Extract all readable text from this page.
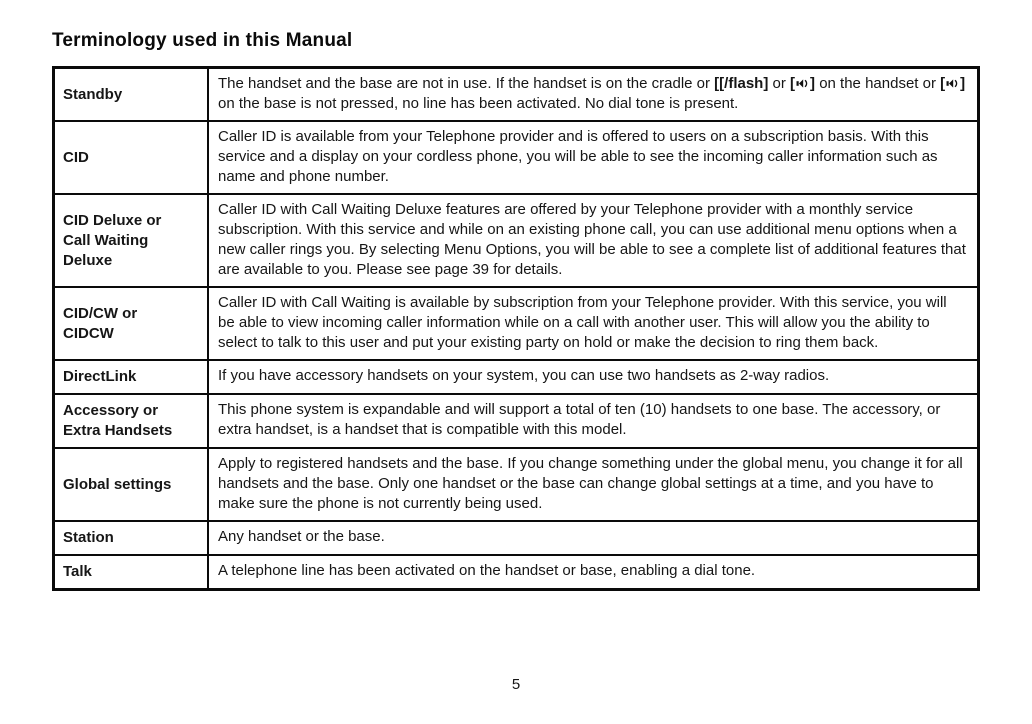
Terminology used in this Manual
Standby	The handset and the base are not in use. If the handset is on the cradle or [[/flash] or [ ] on the handset or [ ] on the base is not pressed, no line has been activated. No dial tone is present.
CID	Caller ID is available from your Telephone provider and is offered to users on a subscription basis. With this service and a display on your cordless phone, you will be able to see the incoming caller information such as name and phone number.
CID Deluxe or Call Waiting Deluxe	Caller ID with Call Waiting Deluxe features are offered by your Telephone provider with a monthly service subscription. With this service and while on an existing phone call, you can use additional menu options when a new caller rings you. By selecting Menu Options, you will be able to see a complete list of additional features that are available to you. Please see page 39 for details.
CID/CW or CIDCW	Caller ID with Call Waiting is available by subscription from your Telephone provider. With this service, you will be able to view incoming caller information while on a call with another user. This will allow you the ability to select to talk to this user and put your existing party on hold or make the decision to ring them back.
DirectLink	If you have accessory handsets on your system, you can use two handsets as 2-way radios.
Accessory or Extra Handsets	This phone system is expandable and will support a total of ten (10) handsets to one base. The accessory, or extra handset, is a handset that is compatible with this model.
Global settings	Apply to registered handsets and the base. If you change something under the global menu, you change it for all handsets and the base. Only one handset or the base can change global settings at a time, and you have to make sure the phone is not currently being used.
Station	Any handset or the base.
Talk	A telephone line has been activated on the handset or base, enabling a dial tone.
5
